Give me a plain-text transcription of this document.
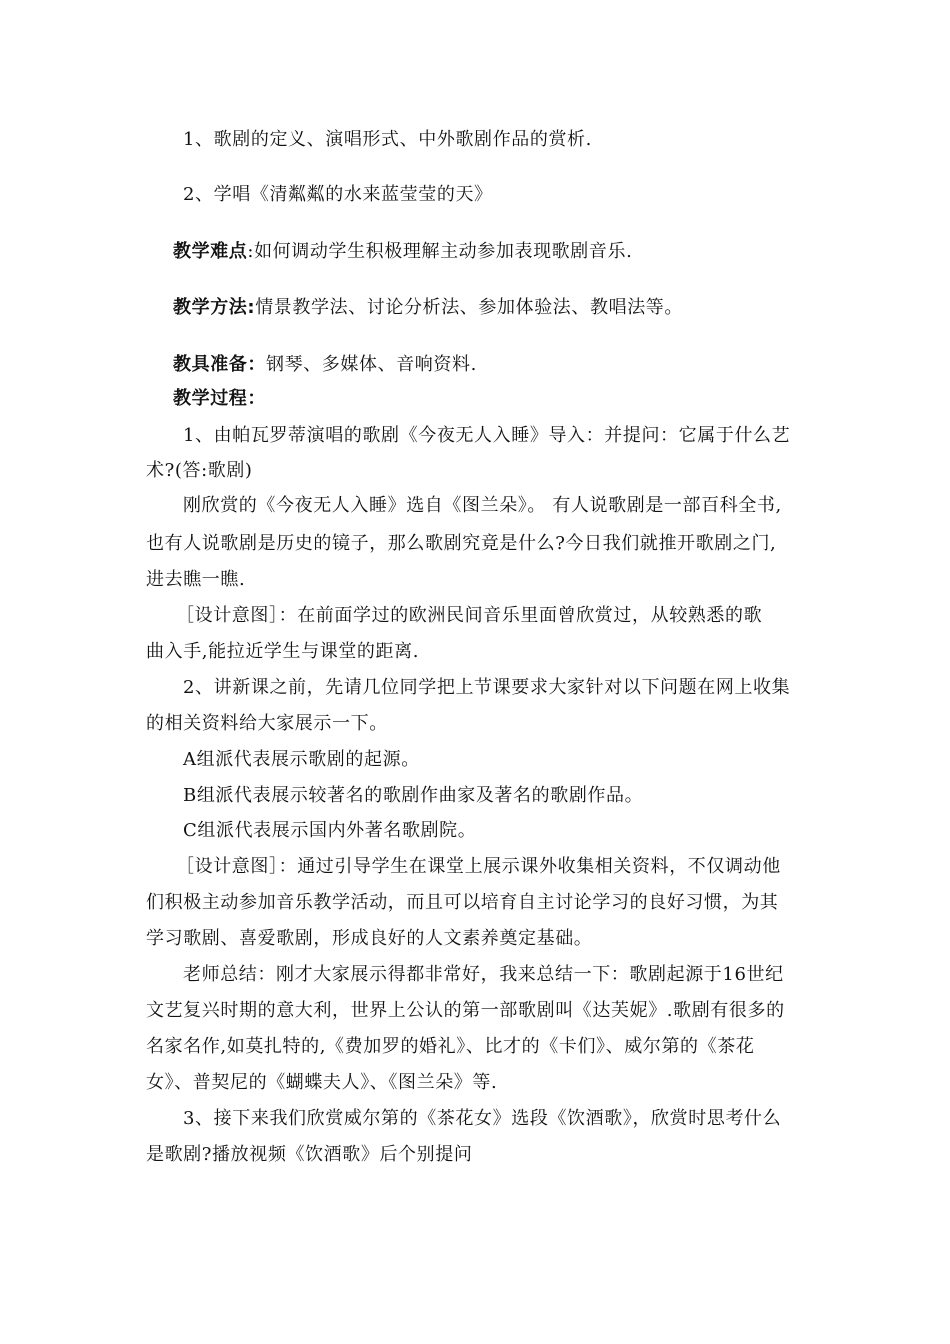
1、歌剧的定义、演唱形式、中外歌剧作品的赏析.
2、学唱《清粼粼的水来蓝莹莹的天》
教学难点:如何调动学生积极理解主动参加表现歌剧音乐.
教学方法:情景教学法、讨论分析法、参加体验法、教唱法等。
教具准备：钢琴、多媒体、音响资料.
教学过程：
1、由帕瓦罗蒂演唱的歌剧《今夜无人入睡》导入：并提问：它属于什么艺
术?(答:歌剧)
刚欣赏的《今夜无人入睡》选自《图兰朵》。 有人说歌剧是一部百科全书,
也有人说歌剧是历史的镜子，那么歌剧究竟是什么?今日我们就推开歌剧之门,
进去瞧一瞧.
［设计意图］：在前面学过的欧洲民间音乐里面曾欣赏过，从较熟悉的歌
曲入手,能拉近学生与课堂的距离.
2、讲新课之前，先请几位同学把上节课要求大家针对以下问题在网上收集
的相关资料给大家展示一下。
A组派代表展示歌剧的起源。
B组派代表展示较著名的歌剧作曲家及著名的歌剧作品。
C组派代表展示国内外著名歌剧院。
［设计意图］：通过引导学生在课堂上展示课外收集相关资料，不仅调动他
们积极主动参加音乐教学活动，而且可以培育自主讨论学习的良好习惯，为其
学习歌剧、喜爱歌剧，形成良好的人文素养奠定基础。
老师总结：刚才大家展示得都非常好，我来总结一下：歌剧起源于16世纪
文艺复兴时期的意大利，世界上公认的第一部歌剧叫《达芙妮》.歌剧有很多的
名家名作,如莫扎特的,《费加罗的婚礼》、比才的《卡们》、威尔第的《茶花
女》、普契尼的《蝴蝶夫人》、《图兰朵》等.
3、接下来我们欣赏威尔第的《茶花女》选段《饮酒歌》，欣赏时思考什么
是歌剧?播放视频《饮酒歌》后个别提问
